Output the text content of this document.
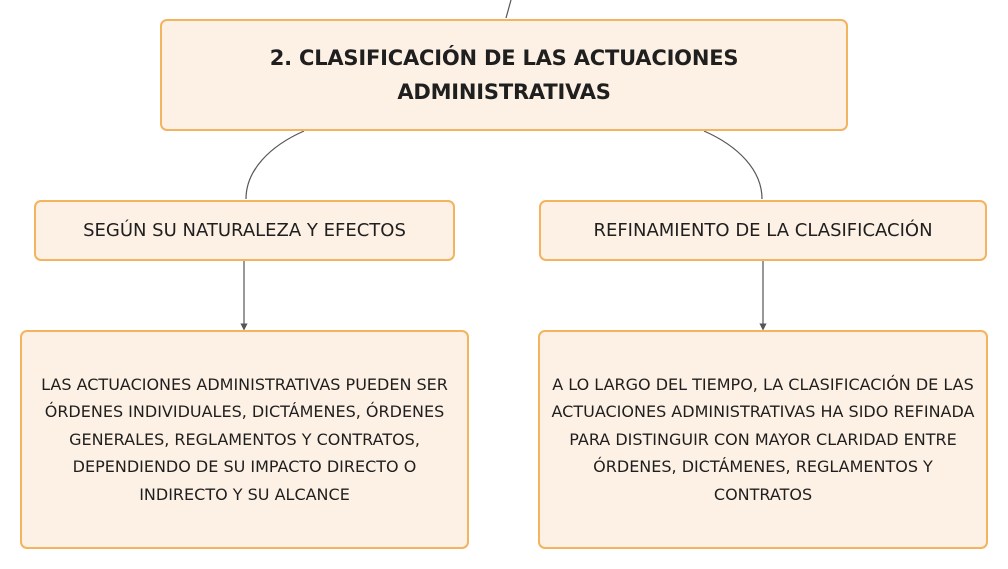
2. CLASIFICACIÓN DE LAS ACTUACIONES ADMINISTRATIVAS
SEGÚN SU NATURALEZA Y EFECTOS	REFINAMIENTO DE LA CLASIFICACIÓN
LAS ACTUACIONES ADMINISTRATIVAS PUEDEN SER ÓRDENES INDIVIDUALES, DICTÁMENES, ÓRDENES GENERALES, REGLAMENTOS Y CONTRATOS, DEPENDIENDO DE SU IMPACTO DIRECTO O INDIRECTO Y SU ALCANCE
A LO LARGO DEL TIEMPO, LA CLASIFICACIÓN DE LAS ACTUACIONES ADMINISTRATIVAS HA SIDO REFINADA PARA DISTINGUIR CON MAYOR CLARIDAD ENTRE ÓRDENES, DICTÁMENES, REGLAMENTOS Y CONTRATOS
